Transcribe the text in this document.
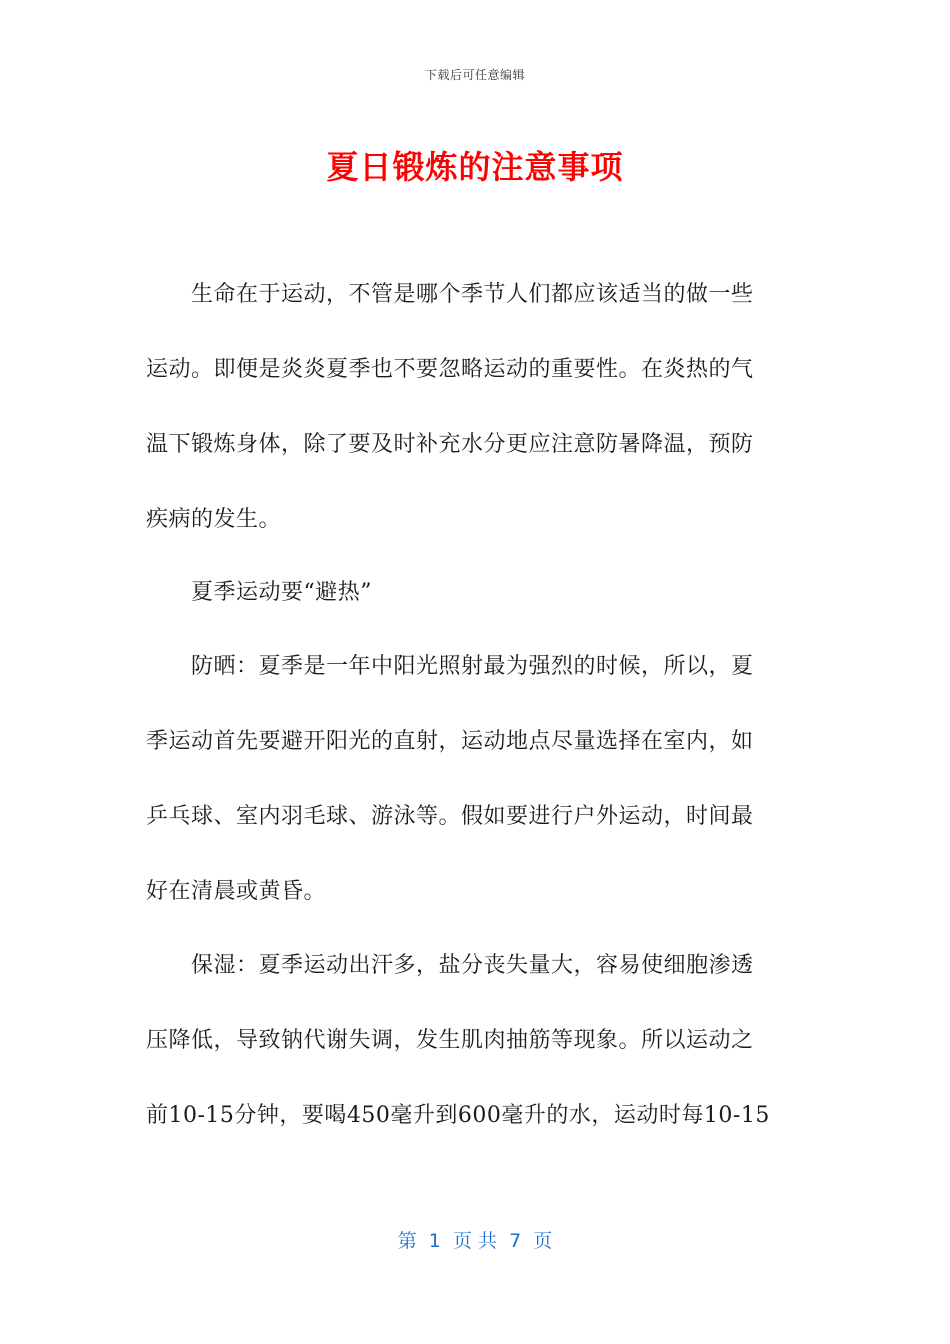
下载后可任意编辑
夏日锻炼的注意事项
　　生命在于运动，不管是哪个季节人们都应该适当的做一些
运动。即便是炎炎夏季也不要忽略运动的重要性。在炎热的气
温下锻炼身体，除了要及时补充水分更应注意防暑降温，预防
疾病的发生。
　　夏季运动要“避热”
　　防晒：夏季是一年中阳光照射最为强烈的时候，所以，夏
季运动首先要避开阳光的直射，运动地点尽量选择在室内，如
乒乓球、室内羽毛球、游泳等。假如要进行户外运动，时间最
好在清晨或黄昏。
　　保湿：夏季运动出汗多，盐分丧失量大，容易使细胞渗透
压降低，导致钠代谢失调，发生肌肉抽筋等现象。所以运动之
前10-15分钟，要喝450毫升到600毫升的水，运动时每10-15
第  1  页 共  7  页
